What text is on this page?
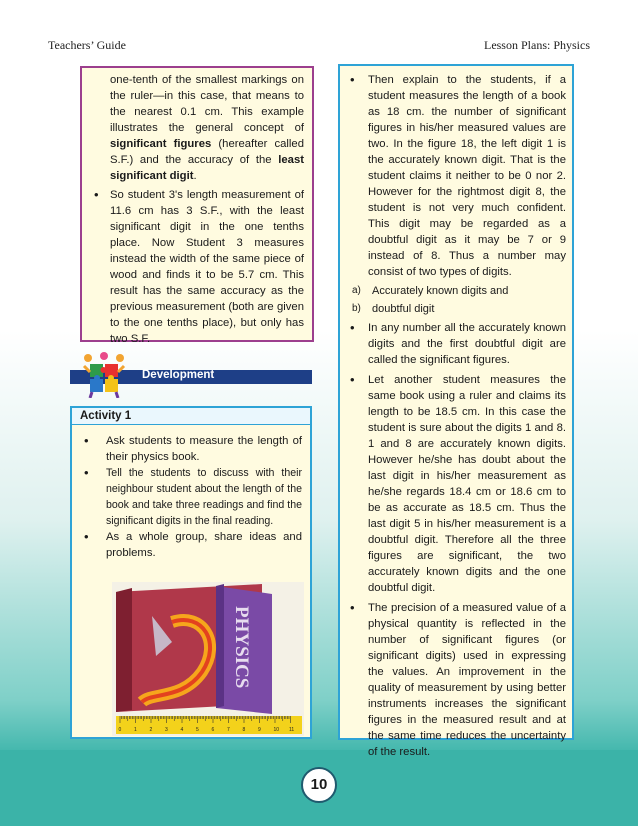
Teachers’ Guide	Lesson Plans: Physics

one-tenth of the smallest markings on the ruler—in this case, that means to the nearest 0.1 cm. This example illustrates the general concept of significant figures (hereafter called S.F.) and the accuracy of the least significant digit.

• So student 3's length measurement of 11.6 cm has 3 S.F., with the least significant digit in the one tenths place. Now Student 3 measures instead the width of the same piece of wood and finds it to be 5.7 cm. This result has the same accuracy as the previous measurement (both are given to the one tenths place), but only has two S.F.

Development
Activity 1

• Ask students to measure the length of their physics book.

• Tell the students to discuss with their neighbour student about the length of the book and take three readings and find the significant digits in the final reading.

• As a whole group, share ideas and problems.

PHYSICS
0	1	2	3	4	5	6	7	8	9	10 11

• Then explain to the students, if a student measures the length of a book as 18 cm. the number of significant figures in his/her measured values are two. In the figure 18, the left digit 1 is the accurately known digit. That is the student claims it neither to be 0 nor 2. However for the rightmost digit 8, the student is not very much confident. This digit may be regarded as a doubtful digit as it may be 7 or 9 instead of 8. Thus a number may consist of two types of digits.

a) Accurately known digits and
b) doubtful digit

• In any number all the accurately known digits and the first doubtful digit are called the significant figures.

• Let another student measures the same book using a ruler and claims its length to be 18.5 cm. In this case the student is sure about the digits 1 and 8. 1 and 8 are accurately known digits. However he/she has doubt about the last digit in his/her measurement as he/she regards 18.4 cm or 18.6 cm to be as accurate as 18.5 cm. Thus the last digit 5 in his/her measurement is a doubtful digit. Therefore all the three figures are significant, the two accurately known digits and the one doubtful digit.

• The precision of a measured value of a physical quantity is reflected in the number of significant figures (or significant digits) used in expressing the values. An improvement in the quality of measurement by using better instruments increases the significant figures in the measured result and at the same time reduces the uncertainty of the result.

10
